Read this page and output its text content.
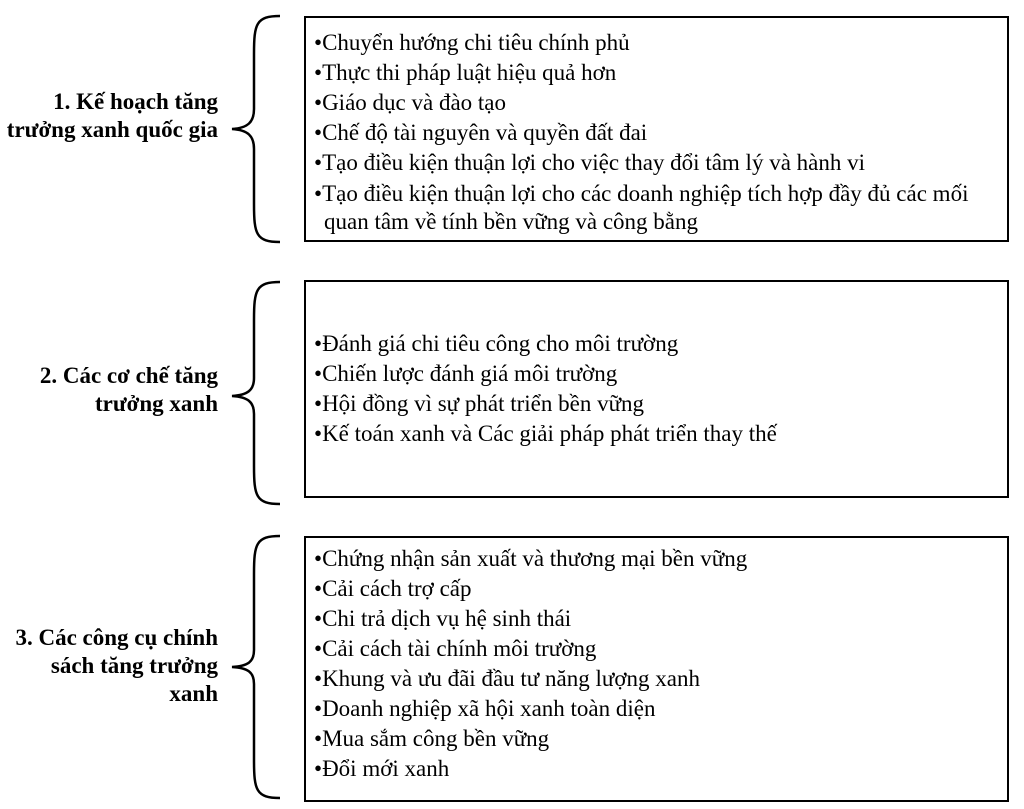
1. Kế hoạch tăng trưởng xanh quốc gia
•Chuyển hướng chi tiêu chính phủ
•Thực thi pháp luật hiệu quả hơn
•Giáo dục và đào tạo
•Chế độ tài nguyên và quyền đất đai
•Tạo điều kiện thuận lợi cho việc thay đổi tâm lý và hành vi
•Tạo điều kiện thuận lợi cho các doanh nghiệp tích hợp đầy đủ các mối quan tâm về tính bền vững và công bằng
2. Các cơ chế tăng trưởng xanh
•Đánh giá chi tiêu công cho môi trường
•Chiến lược đánh giá môi trường
•Hội đồng vì sự phát triển bền vững
•Kế toán xanh và Các giải pháp phát triển thay thế
3. Các công cụ chính sách tăng trưởng xanh
•Chứng nhận sản xuất và thương mại bền vững
•Cải cách trợ cấp
•Chi trả dịch vụ hệ sinh thái
•Cải cách tài chính môi trường
•Khung và ưu đãi đầu tư năng lượng xanh
•Doanh nghiệp xã hội xanh toàn diện
•Mua sắm công bền vững
•Đổi mới xanh
